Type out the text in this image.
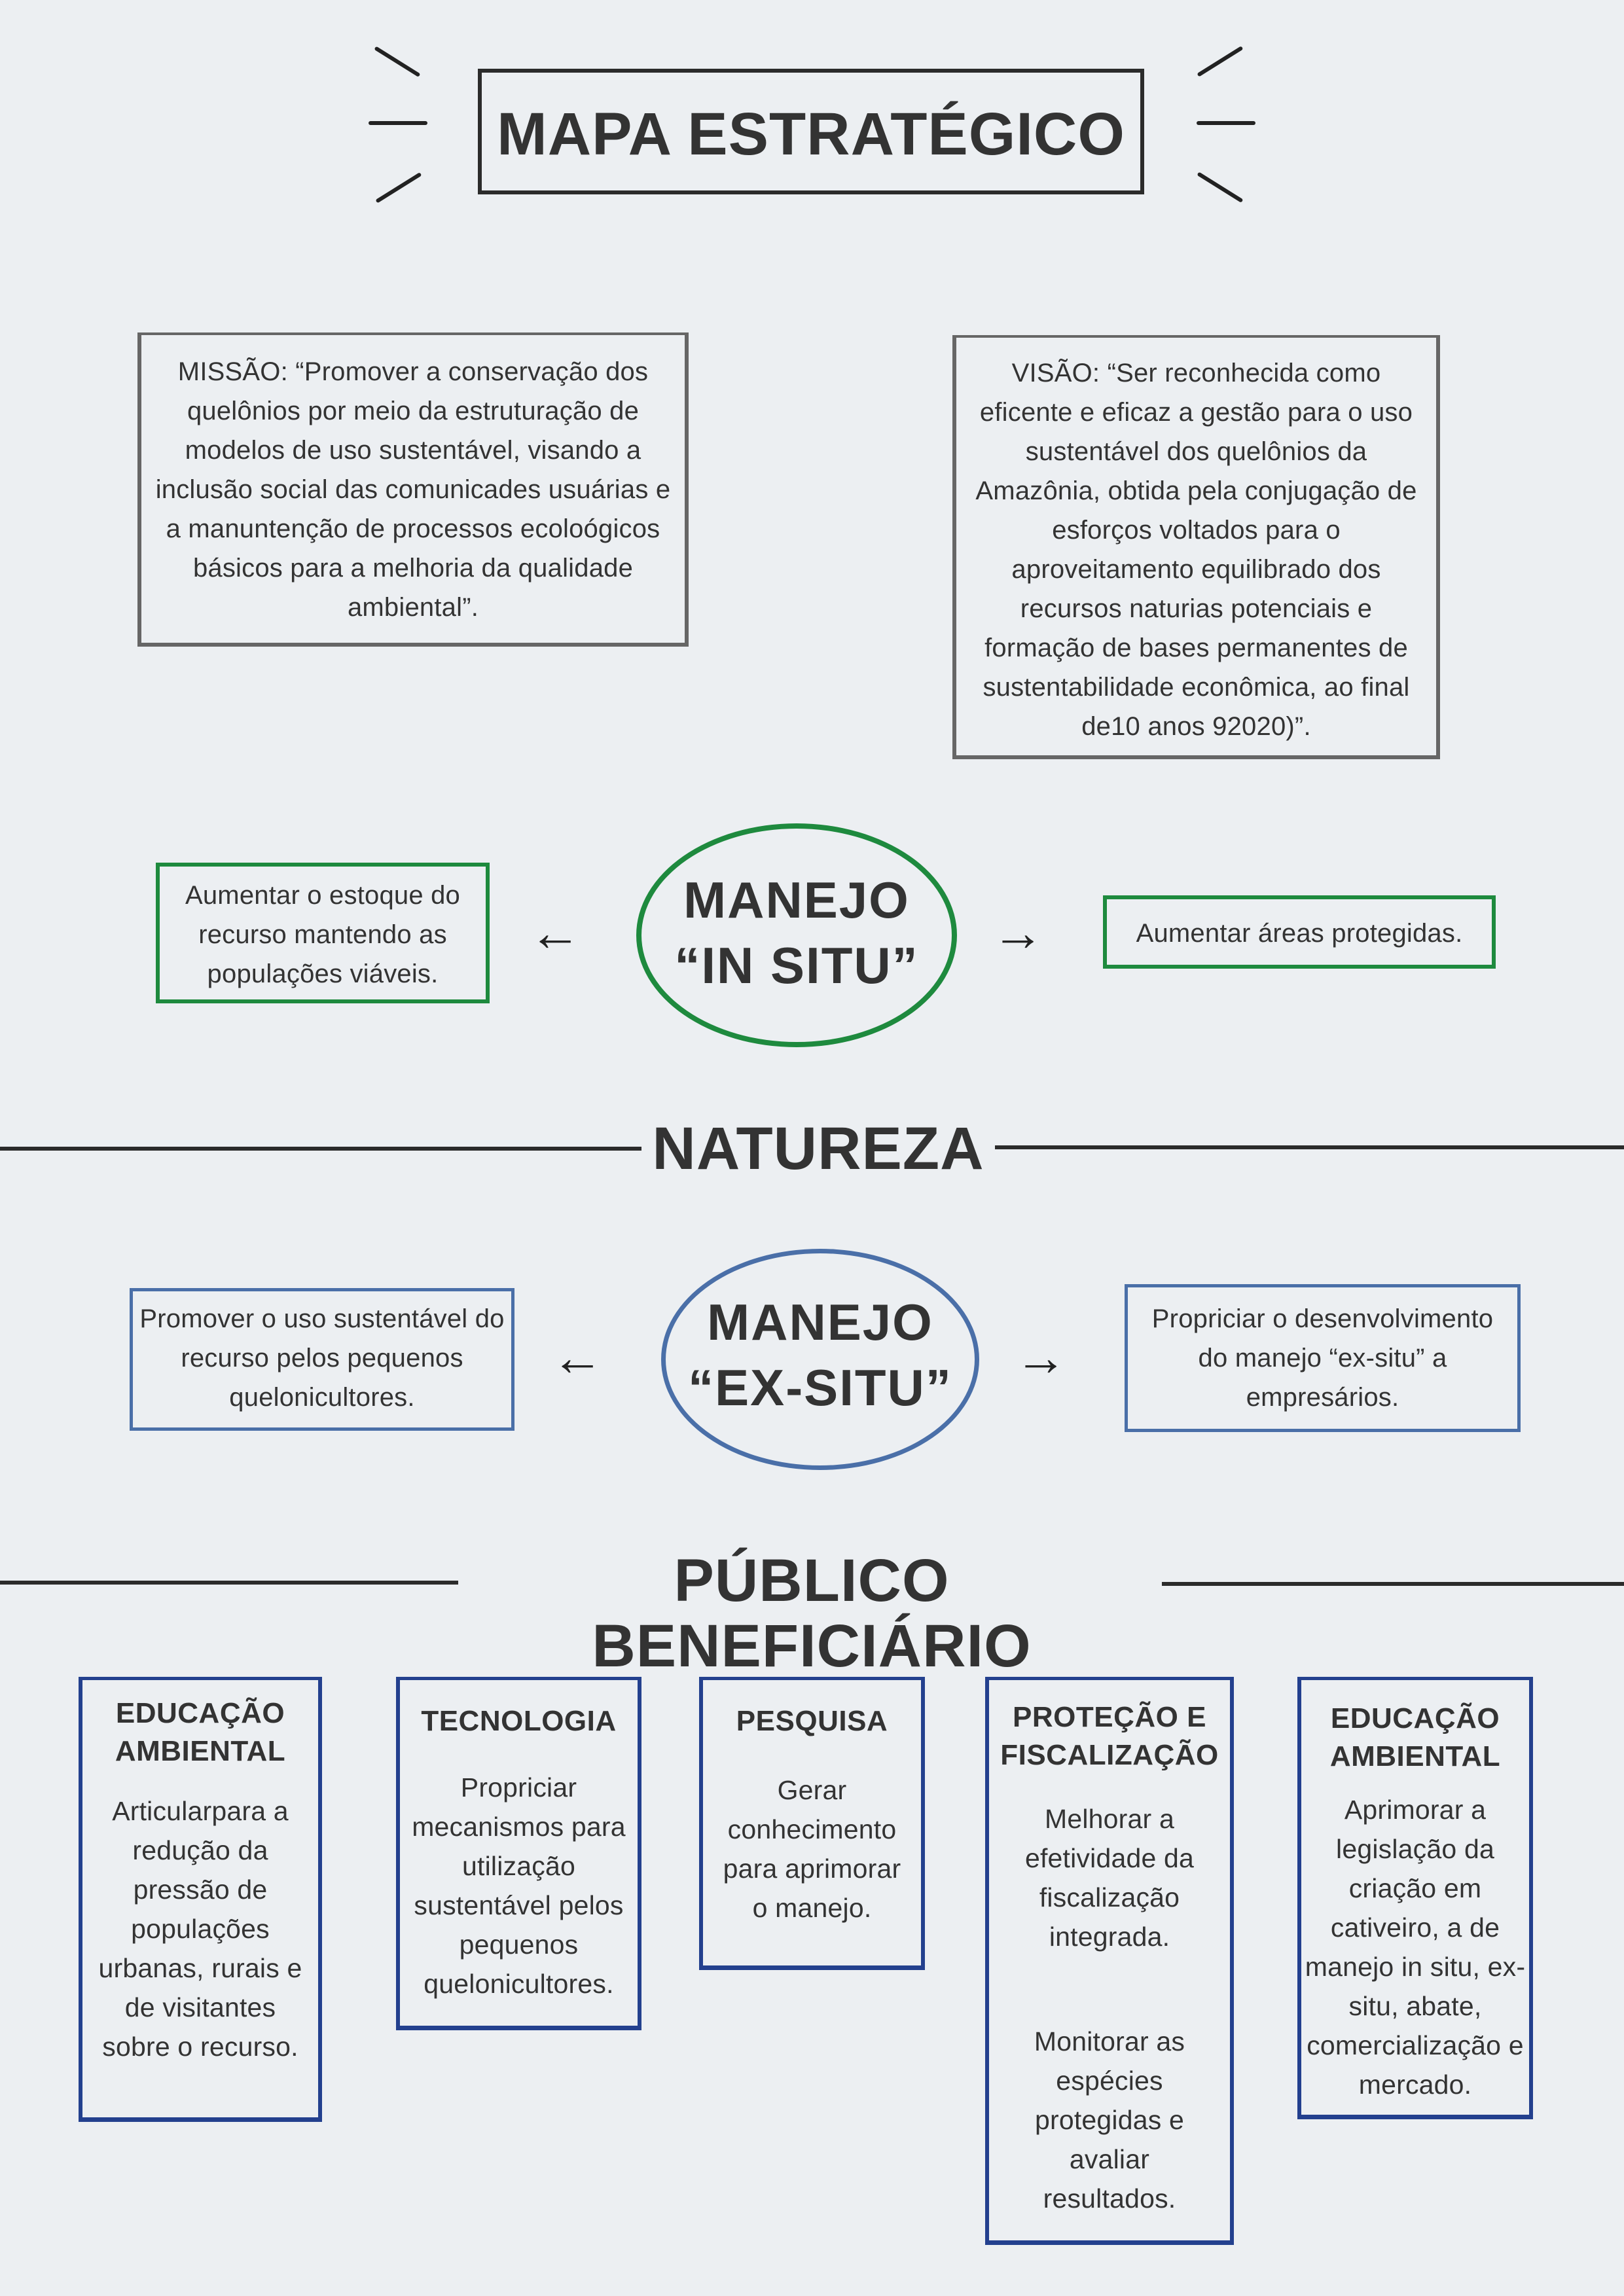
MAPA ESTRATÉGICO
MISSÃO: “Promover a conservação dos quelônios por meio da estruturação de modelos de uso sustentável, visando a inclusão social das comunicades usuárias e a manuntenção de processos ecoloógicos básicos para a melhoria da qualidade ambiental”.
VISÃO: “Ser reconhecida como eficente e eficaz a gestão para o uso sustentável dos quelônios da Amazônia, obtida pela conjugação de esforços voltados para o aproveitamento equilibrado dos recursos naturias potenciais e formação de bases permanentes de sustentabilidade econômica, ao final de10 anos 92020)”.
Aumentar o estoque do recurso mantendo as populações viáveis.
←
MANEJO
“IN SITU”
→	Aumentar áreas protegidas.
NATUREZA
Promover o uso sustentável do recurso pelos pequenos quelonicultores.
←
MANEJO
“EX-SITU”
→
Propriciar o desenvolvimento do manejo “ex-situ” a empresários.
PÚBLICO BENEFICIÁRIO
EDUCAÇÃO AMBIENTAL
Articularpara a redução da pressão de populações urbanas, rurais e de visitantes sobre o recurso.
TECNOLOGIA
Propriciar mecanismos para utilização sustentável pelos pequenos quelonicultores.
PESQUISA
Gerar conhecimento para aprimorar o manejo.
PROTEÇÃO E FISCALIZAÇÃO
Melhorar a efetividade da fiscalização integrada.
Monitorar as espécies protegidas e avaliar resultados.
EDUCAÇÃO AMBIENTAL
Aprimorar a legislação da criação em cativeiro, a de manejo in situ, ex-situ, abate, comercialização e mercado.
